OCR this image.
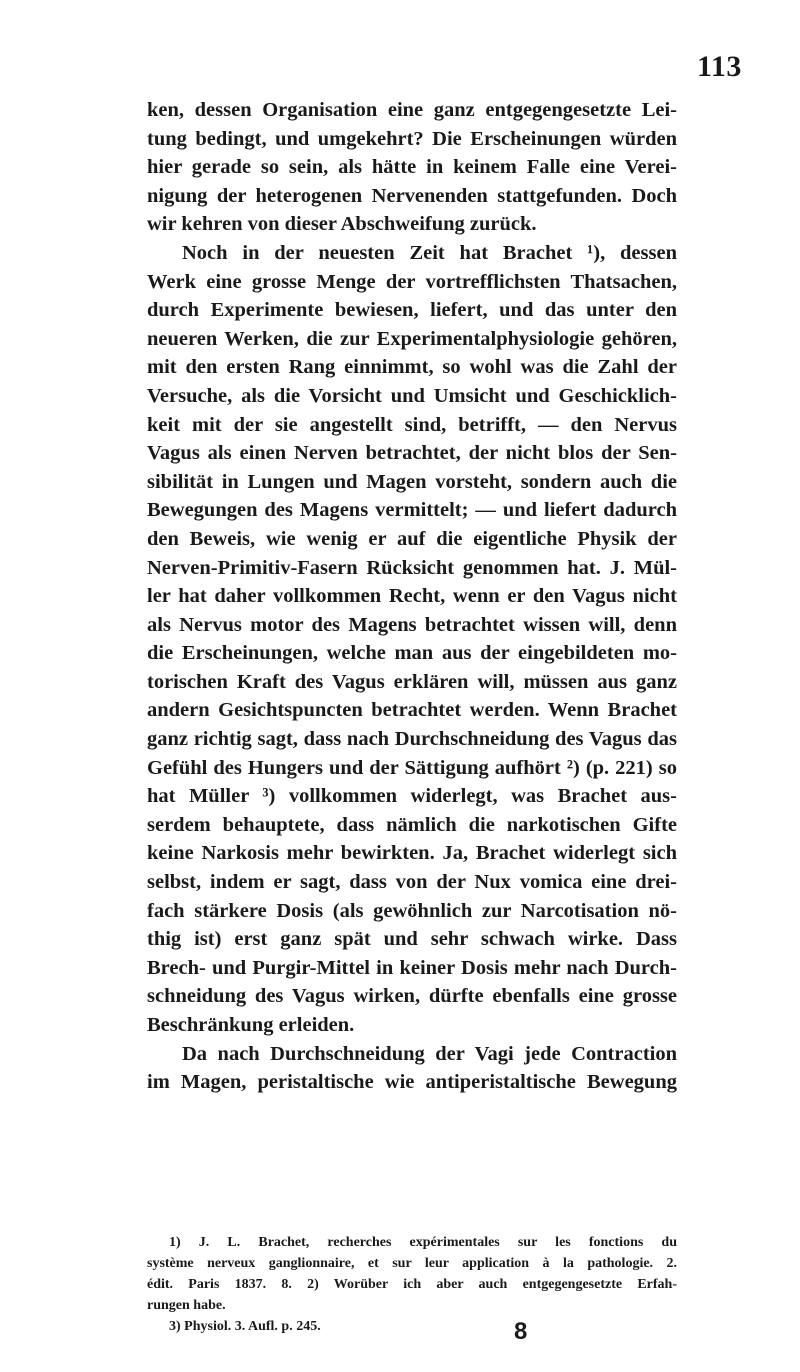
113
ken, dessen Organisation eine ganz entgegengesetzte Lei-
tung bedingt, und umgekehrt? Die Erscheinungen würden
hier gerade so sein, als hätte in keinem Falle eine Verei-
nigung der heterogenen Nervenenden stattgefunden. Doch
wir kehren von dieser Abschweifung zurück.
Noch in der neuesten Zeit hat Brachet ¹), dessen
Werk eine grosse Menge der vortrefflichsten Thatsachen,
durch Experimente bewiesen, liefert, und das unter den
neueren Werken, die zur Experimentalphysiologie gehören,
mit den ersten Rang einnimmt, so wohl was die Zahl der
Versuche, als die Vorsicht und Umsicht und Geschicklich-
keit mit der sie angestellt sind, betrifft, — den Nervus
Vagus als einen Nerven betrachtet, der nicht blos der Sen-
sibilität in Lungen und Magen vorsteht, sondern auch die
Bewegungen des Magens vermittelt; — und liefert dadurch
den Beweis, wie wenig er auf die eigentliche Physik der
Nerven-Primitiv-Fasern Rücksicht genommen hat. J. Mül-
ler hat daher vollkommen Recht, wenn er den Vagus nicht
als Nervus motor des Magens betrachtet wissen will, denn
die Erscheinungen, welche man aus der eingebildeten mo-
torischen Kraft des Vagus erklären will, müssen aus ganz
andern Gesichtspuncten betrachtet werden. Wenn Brachet
ganz richtig sagt, dass nach Durchschneidung des Vagus das
Gefühl des Hungers und der Sättigung aufhört ²) (p. 221) so
hat Müller ³) vollkommen widerlegt, was Brachet aus-
serdem behauptete, dass nämlich die narkotischen Gifte
keine Narkosis mehr bewirkten. Ja, Brachet widerlegt sich
selbst, indem er sagt, dass von der Nux vomica eine drei-
fach stärkere Dosis (als gewöhnlich zur Narcotisation nö-
thig ist) erst ganz spät und sehr schwach wirke. Dass
Brech- und Purgir-Mittel in keiner Dosis mehr nach Durch-
schneidung des Vagus wirken, dürfte ebenfalls eine grosse
Beschränkung erleiden.
Da nach Durchschneidung der Vagi jede Contraction
im Magen, peristaltische wie antiperistaltische Bewegung
1) J. L. Brachet, recherches expérimentales sur les fonctions du
système nerveux ganglionnaire, et sur leur application à la pathologie. 2.
édit. Paris 1837. 8. 2) Worüber ich aber auch entgegengesetzte Erfah-
rungen habe.
3) Physiol. 3. Aufl. p. 245.	8
